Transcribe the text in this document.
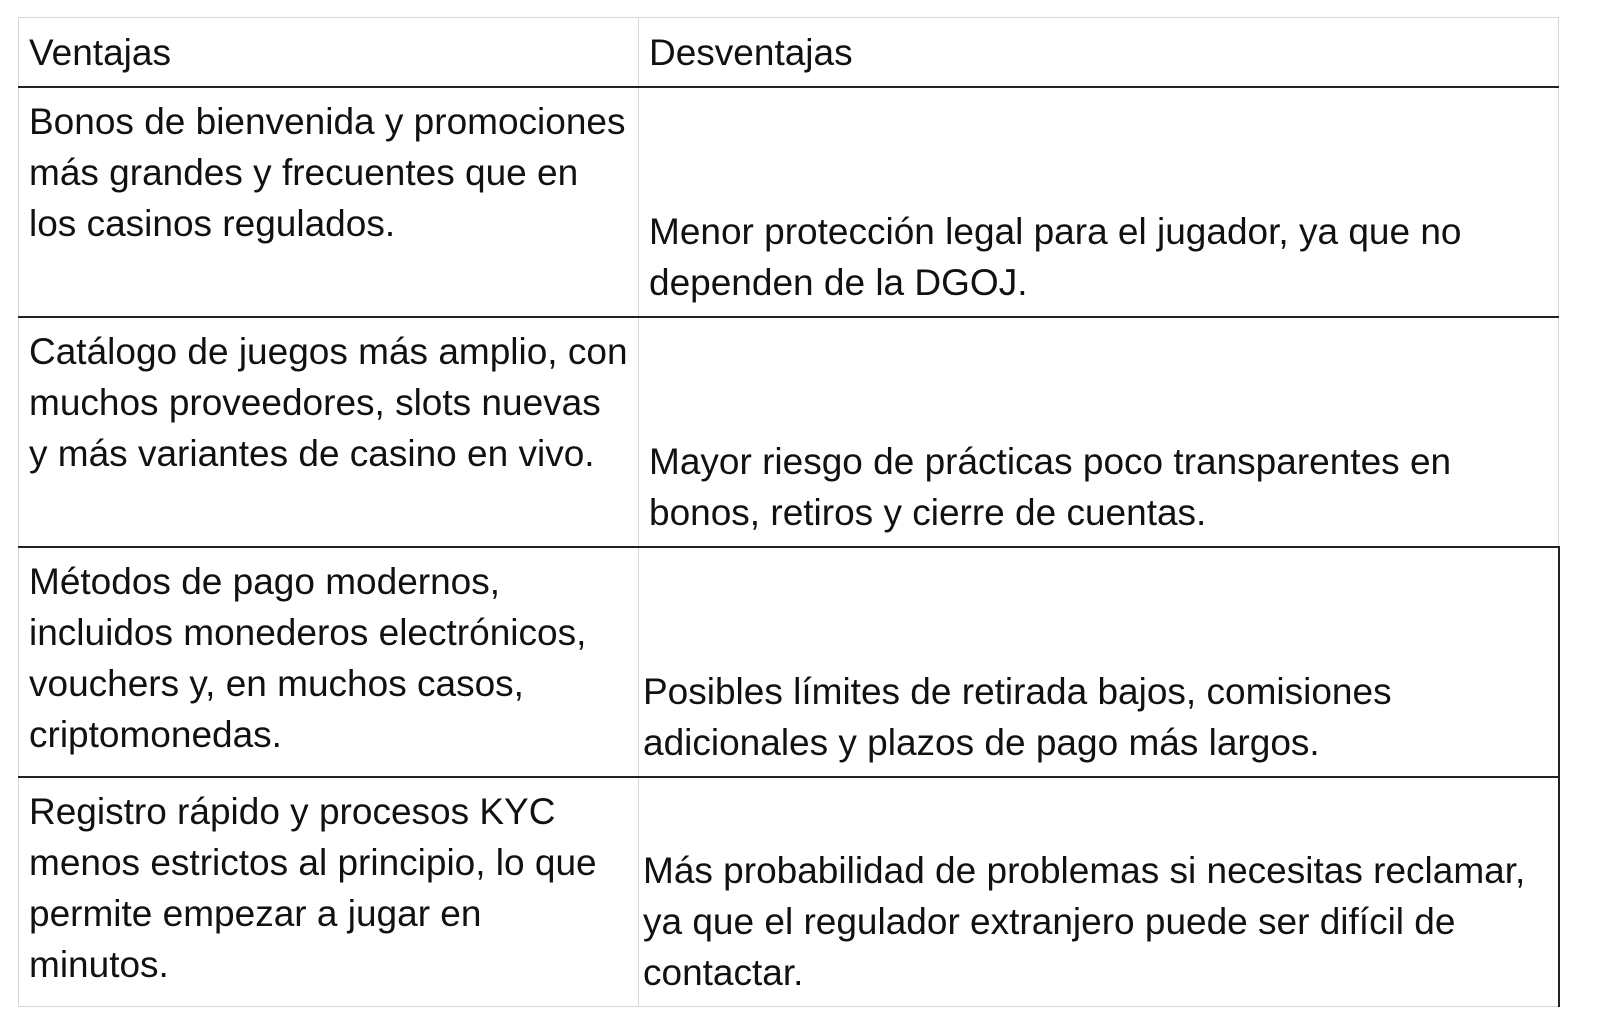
Ventajas	Desventajas
Bonos de bienvenida y promociones más grandes y frecuentes que en los casinos regulados.	Menor protección legal para el jugador, ya que no dependen de la DGOJ.
Catálogo de juegos más amplio, con muchos proveedores, slots nuevas y más variantes de casino en vivo.	Mayor riesgo de prácticas poco transparentes en bonos, retiros y cierre de cuentas.
Métodos de pago modernos, incluidos monederos electrónicos, vouchers y, en muchos casos, criptomonedas.	Posibles límites de retirada bajos, comisiones adicionales y plazos de pago más largos.
Registro rápido y procesos KYC menos estrictos al principio, lo que permite empezar a jugar en minutos.	Más probabilidad de problemas si necesitas reclamar, ya que el regulador extranjero puede ser difícil de contactar.
